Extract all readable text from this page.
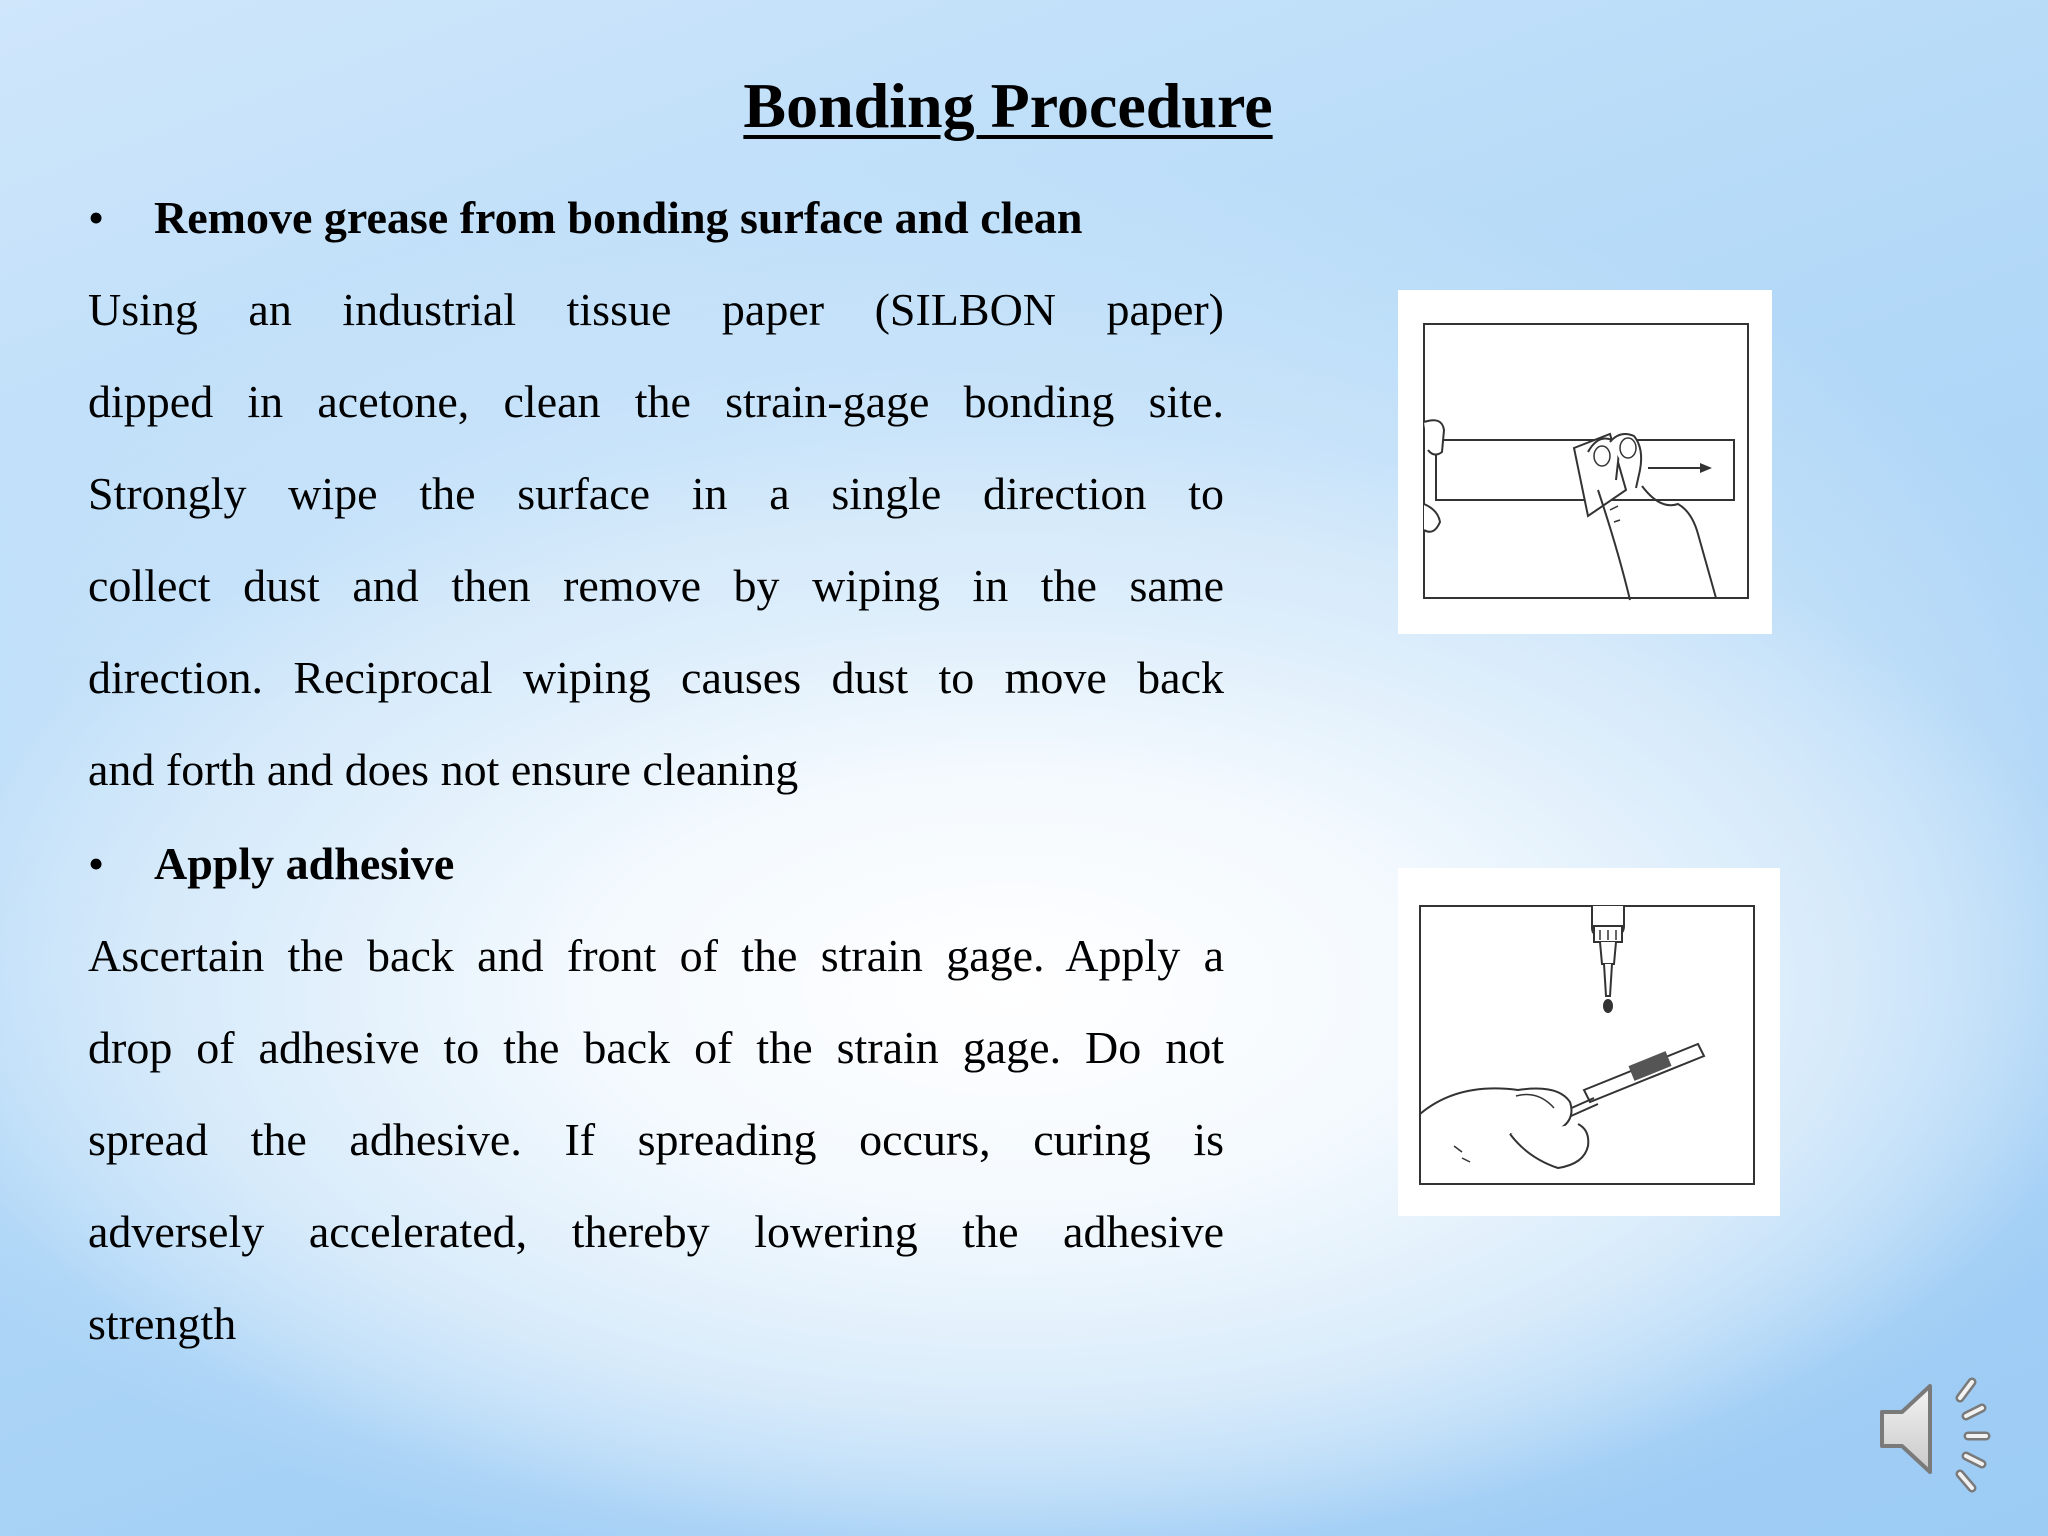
Bonding Procedure
•	Remove grease from bonding surface and clean
Using an industrial tissue paper (SILBON paper)
dipped in acetone, clean the strain-gage bonding site.
Strongly wipe the surface in a single direction to
collect dust and then remove by wiping in the same
direction. Reciprocal wiping causes dust to move back
and forth and does not ensure cleaning
•	Apply adhesive
Ascertain the back and front of the strain gage. Apply a
drop of adhesive to the back of the strain gage. Do not
spread the adhesive. If spreading occurs, curing is
adversely accelerated, thereby lowering the adhesive
strength
